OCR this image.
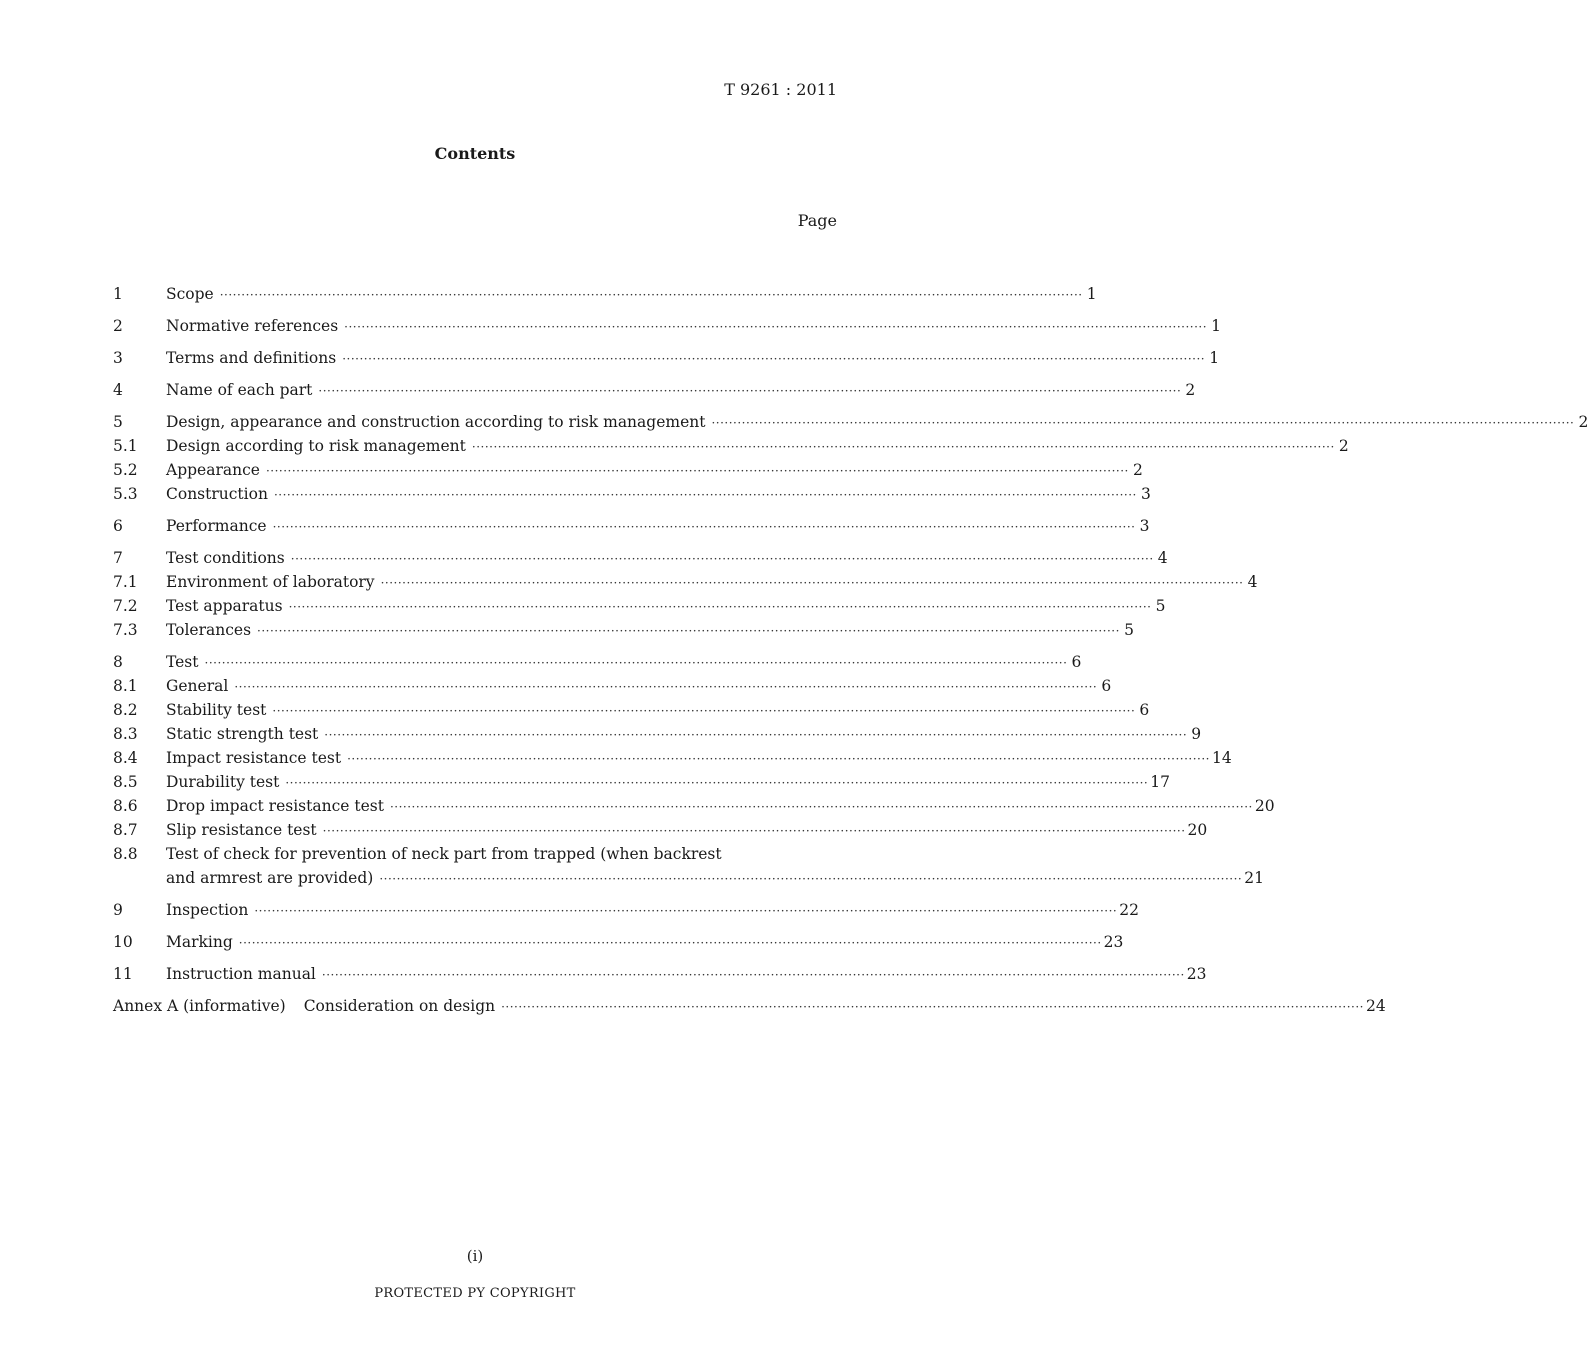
T 9261 : 2011
Contents
Page
1	Scope ········································································································································································································ 1
2	Normative references ········································································································································································································ 1
3	Terms and definitions ········································································································································································································ 1
4	Name of each part ········································································································································································································ 2
5	Design, appearance and construction according to risk management ········································································································································································································ 2
5.1	Design according to risk management ········································································································································································································ 2
5.2	Appearance ········································································································································································································ 2
5.3	Construction ········································································································································································································ 3
6	Performance ········································································································································································································ 3
7	Test conditions ········································································································································································································ 4
7.1	Environment of laboratory ········································································································································································································ 4
7.2	Test apparatus ········································································································································································································ 5
7.3	Tolerances ········································································································································································································ 5
8	Test ········································································································································································································ 6
8.1	General ········································································································································································································ 6
8.2	Stability test ········································································································································································································ 6
8.3	Static strength test ········································································································································································································ 9
8.4	Impact resistance test ········································································································································································································ 14
8.5	Durability test ········································································································································································································ 17
8.6	Drop impact resistance test ········································································································································································································ 20
8.7	Slip resistance test ········································································································································································································ 20
8.8	Test of check for prevention of neck part from trapped (when backrest
and armrest are provided) ········································································································································································································ 21
9	Inspection ········································································································································································································ 22
10	Marking ········································································································································································································ 23
11	Instruction manual ········································································································································································································ 23
Annex A (informative) Consideration on design ········································································································································································································ 24
(i)
PROTECTED PY COPYRIGHT
